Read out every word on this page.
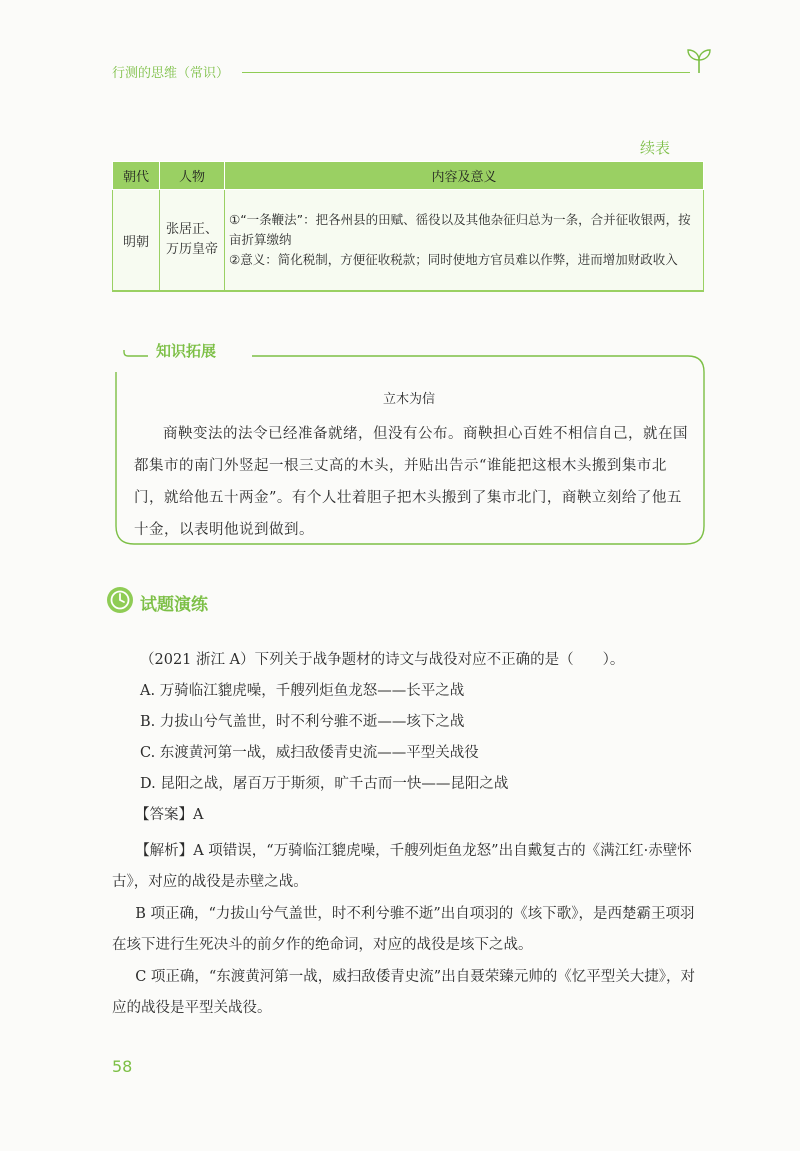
行测的思维（常识）
续表
朝代	人物	内容及意义
明朝	张居正、万历皇帝	①“一条鞭法”：把各州县的田赋、徭役以及其他杂征归总为一条，合并征收银两，按亩折算缴纳
②意义：简化税制，方便征收税款；同时使地方官员难以作弊，进而增加财政收入

知识拓展
立木为信
商鞅变法的法令已经准备就绪，但没有公布。商鞅担心百姓不相信自己，就在国都集市的南门外竖起一根三丈高的木头，并贴出告示“谁能把这根木头搬到集市北门，就给他五十两金”。有个人壮着胆子把木头搬到了集市北门，商鞅立刻给了他五十金，以表明他说到做到。
试题演练
（2021 浙江 A）下列关于战争题材的诗文与战役对应不正确的是（　　）。
A. 万骑临江貔虎噪，千艘列炬鱼龙怒——长平之战
B. 力拔山兮气盖世，时不利兮骓不逝——垓下之战
C. 东渡黄河第一战，威扫敌倭青史流——平型关战役
D. 昆阳之战，屠百万于斯须，旷千古而一快——昆阳之战
【答案】A
【解析】A 项错误，“万骑临江貔虎噪，千艘列炬鱼龙怒”出自戴复古的《满江红·赤壁怀古》，对应的战役是赤壁之战。
B 项正确，“力拔山兮气盖世，时不利兮骓不逝”出自项羽的《垓下歌》，是西楚霸王项羽在垓下进行生死决斗的前夕作的绝命词，对应的战役是垓下之战。
C 项正确，“东渡黄河第一战，威扫敌倭青史流”出自聂荣臻元帅的《忆平型关大捷》，对应的战役是平型关战役。
58
